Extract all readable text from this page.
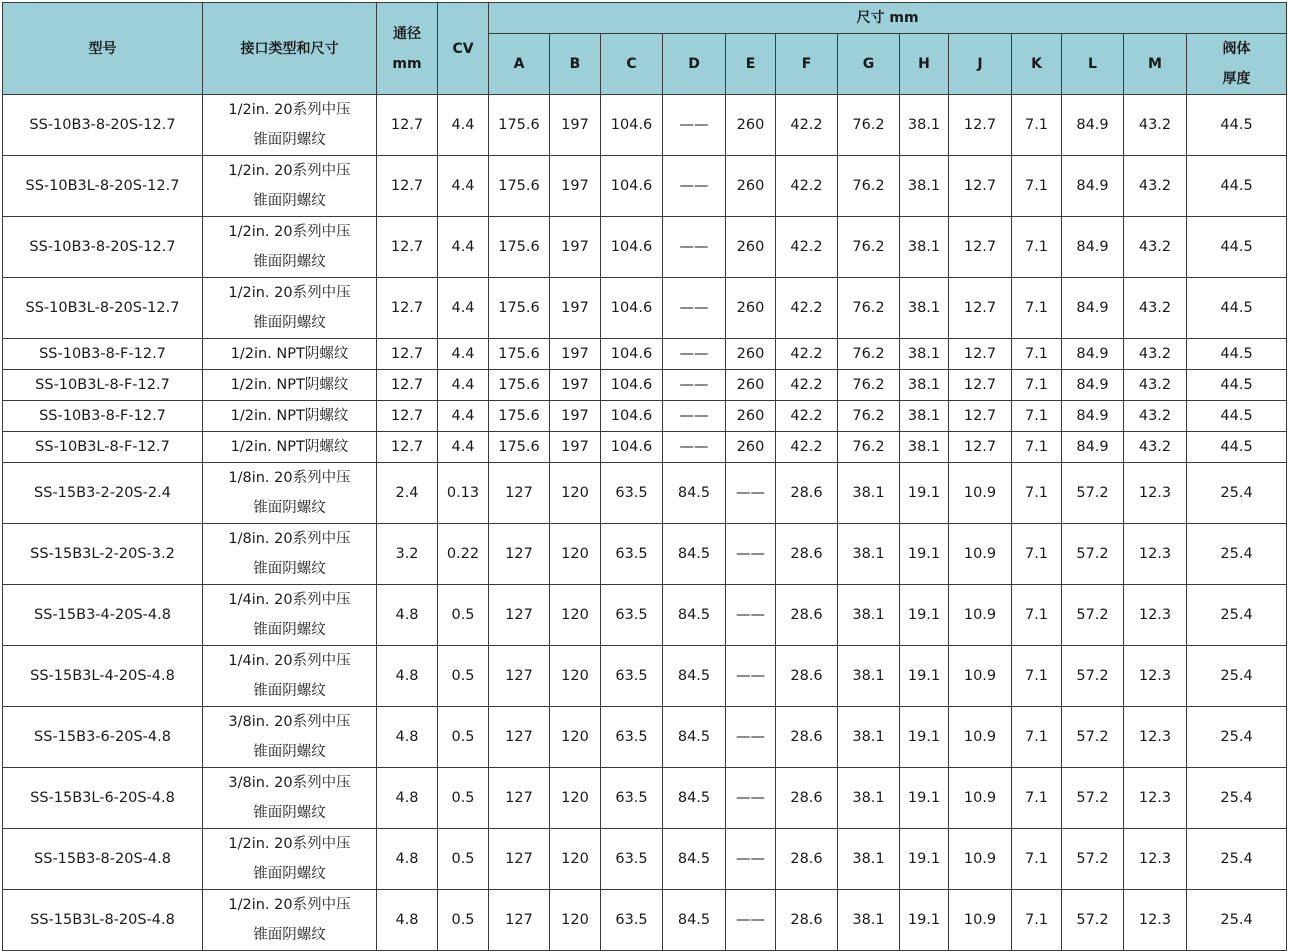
型号	接口类型和尺寸	通径
mm	CV	尺寸 mm												
				A	B	C	D	E	F	G	H	J	K	L	M	阀体
厚度

SS-10B3-8-20S-12.7	1/2in. 20系列中压
锥面阴螺纹	12.7	4.4	175.6	197	104.6	——	260	42.2	76.2	38.1	12.7	7.1	84.9	43.2	44.5
SS-10B3L-8-20S-12.7	1/2in. 20系列中压
锥面阴螺纹	12.7	4.4	175.6	197	104.6	——	260	42.2	76.2	38.1	12.7	7.1	84.9	43.2	44.5
SS-10B3-8-20S-12.7	1/2in. 20系列中压
锥面阴螺纹	12.7	4.4	175.6	197	104.6	——	260	42.2	76.2	38.1	12.7	7.1	84.9	43.2	44.5
SS-10B3L-8-20S-12.7	1/2in. 20系列中压
锥面阴螺纹	12.7	4.4	175.6	197	104.6	——	260	42.2	76.2	38.1	12.7	7.1	84.9	43.2	44.5
SS-10B3-8-F-12.7	1/2in. NPT阴螺纹	12.7	4.4	175.6	197	104.6	——	260	42.2	76.2	38.1	12.7	7.1	84.9	43.2	44.5
SS-10B3L-8-F-12.7	1/2in. NPT阴螺纹	12.7	4.4	175.6	197	104.6	——	260	42.2	76.2	38.1	12.7	7.1	84.9	43.2	44.5
SS-10B3-8-F-12.7	1/2in. NPT阴螺纹	12.7	4.4	175.6	197	104.6	——	260	42.2	76.2	38.1	12.7	7.1	84.9	43.2	44.5
SS-10B3L-8-F-12.7	1/2in. NPT阴螺纹	12.7	4.4	175.6	197	104.6	——	260	42.2	76.2	38.1	12.7	7.1	84.9	43.2	44.5
SS-15B3-2-20S-2.4	1/8in. 20系列中压
锥面阴螺纹	2.4	0.13	127	120	63.5	84.5	——	28.6	38.1	19.1	10.9	7.1	57.2	12.3	25.4
SS-15B3L-2-20S-3.2	1/8in. 20系列中压
锥面阴螺纹	3.2	0.22	127	120	63.5	84.5	——	28.6	38.1	19.1	10.9	7.1	57.2	12.3	25.4
SS-15B3-4-20S-4.8	1/4in. 20系列中压
锥面阴螺纹	4.8	0.5	127	120	63.5	84.5	——	28.6	38.1	19.1	10.9	7.1	57.2	12.3	25.4
SS-15B3L-4-20S-4.8	1/4in. 20系列中压
锥面阴螺纹	4.8	0.5	127	120	63.5	84.5	——	28.6	38.1	19.1	10.9	7.1	57.2	12.3	25.4
SS-15B3-6-20S-4.8	3/8in. 20系列中压
锥面阴螺纹	4.8	0.5	127	120	63.5	84.5	——	28.6	38.1	19.1	10.9	7.1	57.2	12.3	25.4
SS-15B3L-6-20S-4.8	3/8in. 20系列中压
锥面阴螺纹	4.8	0.5	127	120	63.5	84.5	——	28.6	38.1	19.1	10.9	7.1	57.2	12.3	25.4
SS-15B3-8-20S-4.8	1/2in. 20系列中压
锥面阴螺纹	4.8	0.5	127	120	63.5	84.5	——	28.6	38.1	19.1	10.9	7.1	57.2	12.3	25.4
SS-15B3L-8-20S-4.8	1/2in. 20系列中压
锥面阴螺纹	4.8	0.5	127	120	63.5	84.5	——	28.6	38.1	19.1	10.9	7.1	57.2	12.3	25.4
